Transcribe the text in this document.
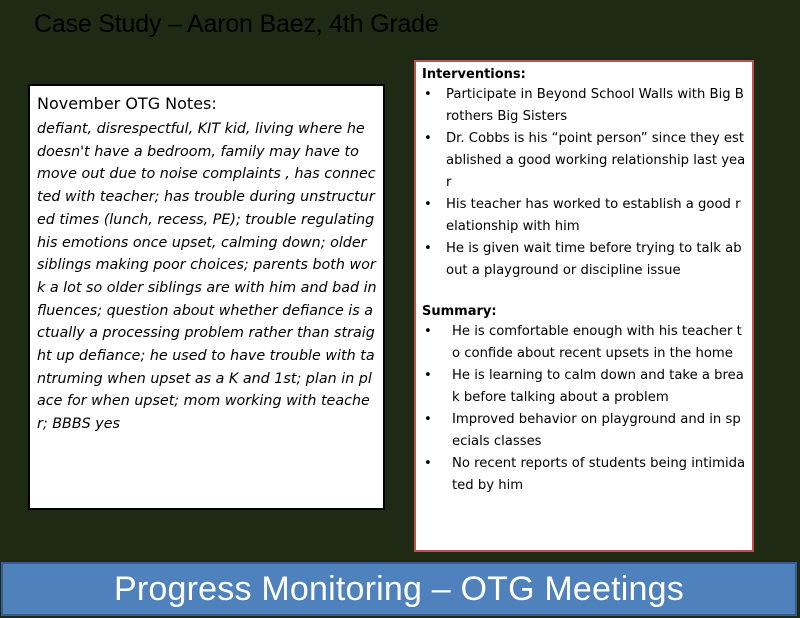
Case Study – Aaron Baez, 4th Grade
November OTG Notes:

defiant, disrespectful, KIT kid, living where he doesn't have a bedroom, family may have to move out due to noise complaints , has connected with teacher; has trouble during unstructured times (lunch, recess, PE); trouble regulating his emotions once upset, calming down; older siblings making poor choices; parents both work a lot so older siblings are with him and bad influences; question about whether defiance is actually a processing problem rather than straight up defiance; he used to have trouble with tantruming when upset as a K and 1st; plan in place for when upset; mom working with teacher; BBBS yes

Interventions:
•	Participate in Beyond School Walls with Big Brothers Big Sisters
•	Dr. Cobbs is his “point person” since they established a good working relationship last year
•	His teacher has worked to establish a good relationship with him
•	He is given wait time before trying to talk about a playground or discipline issue
Summary:
•	He is comfortable enough with his teacher to confide about recent upsets in the home
•	He is learning to calm down and take a break before talking about a problem
•	Improved behavior on playground and in specials classes
•	No recent reports of students being intimidated by him
Progress Monitoring – OTG Meetings
